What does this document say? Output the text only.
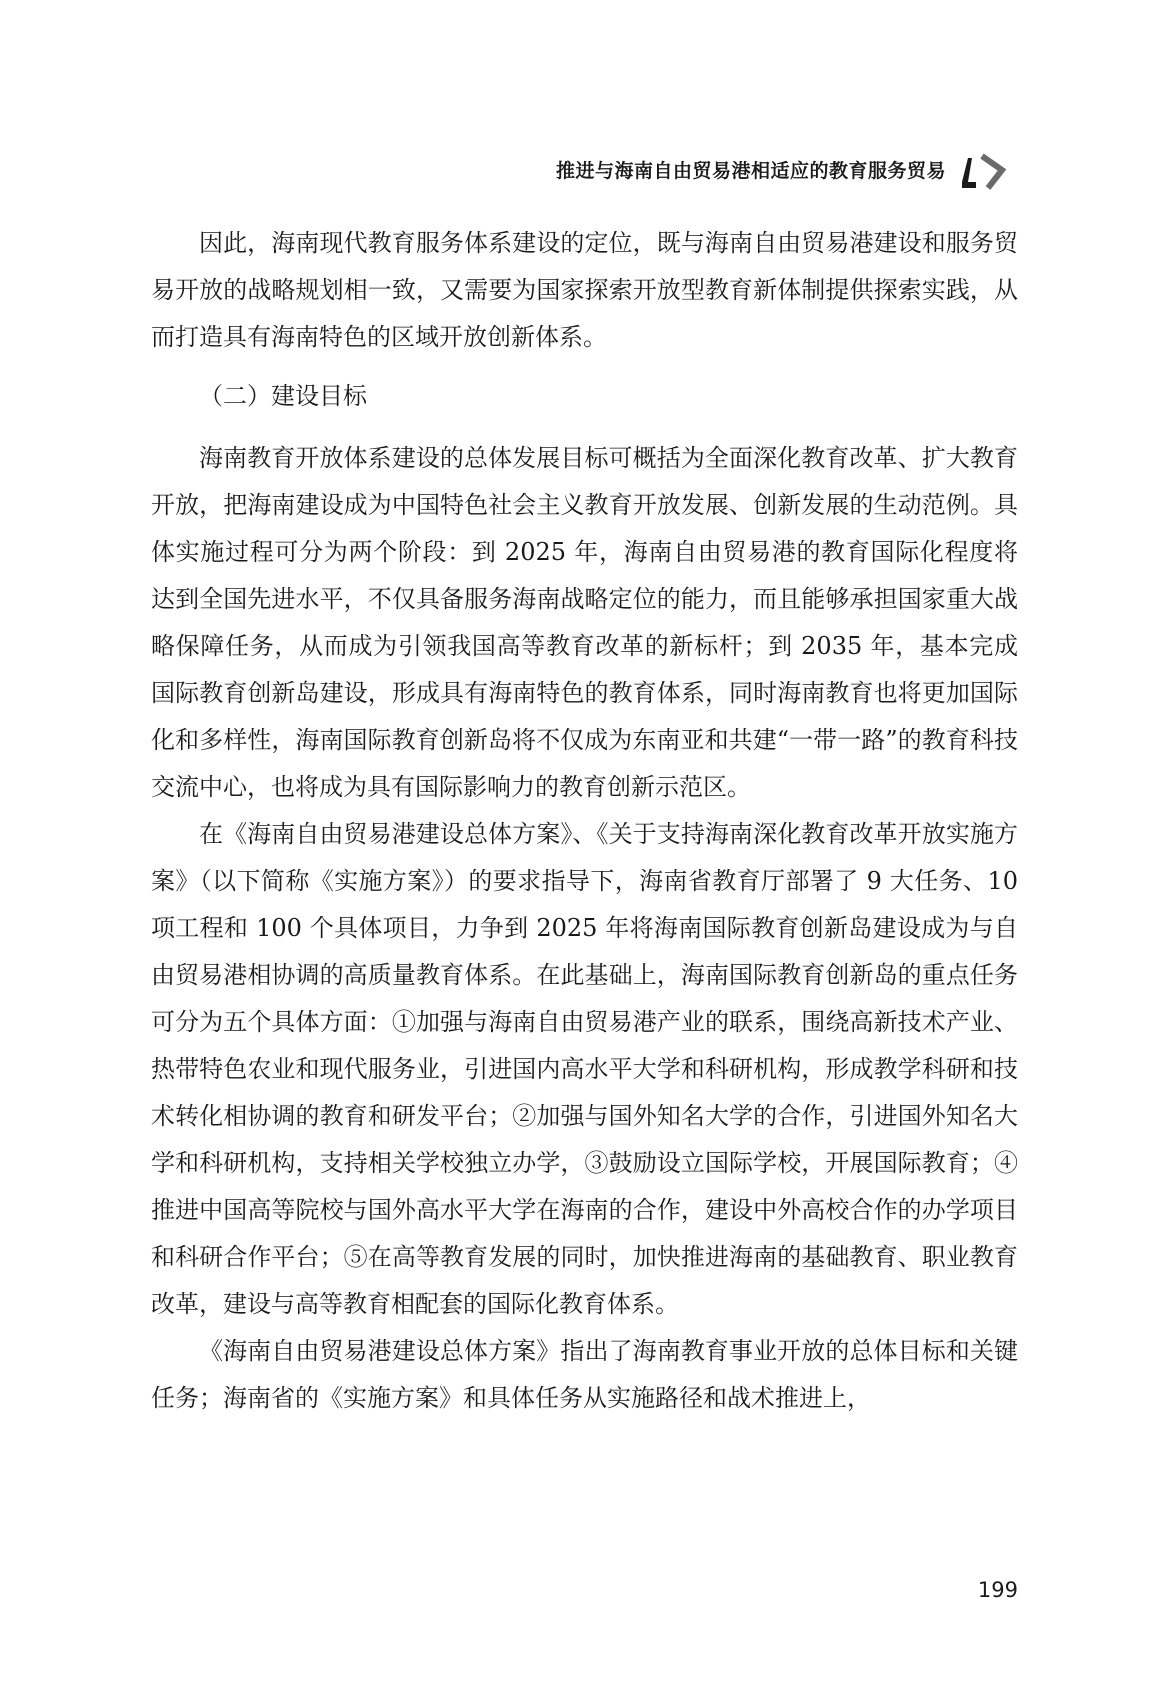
推进与海南自由贸易港相适应的教育服务贸易

因此，海南现代教育服务体系建设的定位，既与海南自由贸易港建设和服务贸易开放的战略规划相一致，又需要为国家探索开放型教育新体制提供探索实践，从而打造具有海南特色的区域开放创新体系。

（二）建设目标

海南教育开放体系建设的总体发展目标可概括为全面深化教育改革、扩大教育开放，把海南建设成为中国特色社会主义教育开放发展、创新发展的生动范例。具体实施过程可分为两个阶段：到 2025 年，海南自由贸易港的教育国际化程度将达到全国先进水平，不仅具备服务海南战略定位的能力，而且能够承担国家重大战略保障任务，从而成为引领我国高等教育改革的新标杆；到 2035 年，基本完成国际教育创新岛建设，形成具有海南特色的教育体系，同时海南教育也将更加国际化和多样性，海南国际教育创新岛将不仅成为东南亚和共建“一带一路”的教育科技交流中心，也将成为具有国际影响力的教育创新示范区。

在《海南自由贸易港建设总体方案》、《关于支持海南深化教育改革开放实施方案》（以下简称《实施方案》）的要求指导下，海南省教育厅部署了 9 大任务、10 项工程和 100 个具体项目，力争到 2025 年将海南国际教育创新岛建设成为与自由贸易港相协调的高质量教育体系。在此基础上，海南国际教育创新岛的重点任务可分为五个具体方面：①加强与海南自由贸易港产业的联系，围绕高新技术产业、热带特色农业和现代服务业，引进国内高水平大学和科研机构，形成教学科研和技术转化相协调的教育和研发平台；②加强与国外知名大学的合作，引进国外知名大学和科研机构，支持相关学校独立办学，③鼓励设立国际学校，开展国际教育；④推进中国高等院校与国外高水平大学在海南的合作，建设中外高校合作的办学项目和科研合作平台；⑤在高等教育发展的同时，加快推进海南的基础教育、职业教育改革，建设与高等教育相配套的国际化教育体系。

《海南自由贸易港建设总体方案》指出了海南教育事业开放的总体目标和关键任务；海南省的《实施方案》和具体任务从实施路径和战术推进上，

199
